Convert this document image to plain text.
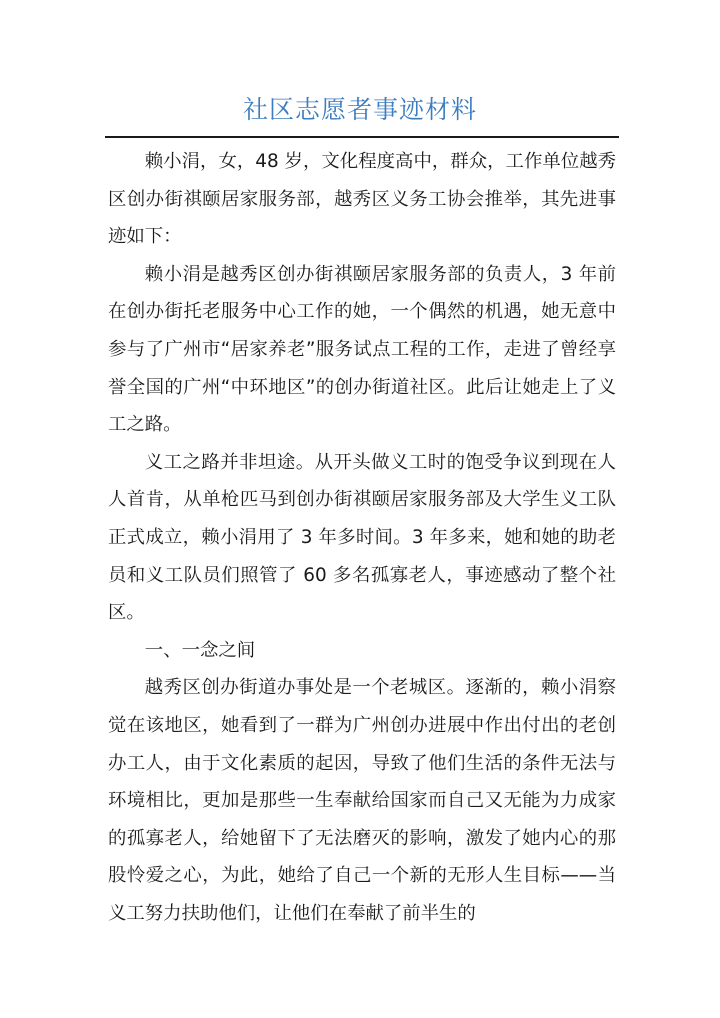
社区志愿者事迹材料

赖小涓，女，48 岁，文化程度高中，群众，工作单位越秀区创办街祺颐居家服务部，越秀区义务工协会推举，其先进事迹如下：

赖小涓是越秀区创办街祺颐居家服务部的负责人，3 年前在创办街托老服务中心工作的她，一个偶然的机遇，她无意中参与了广州市“居家养老”服务试点工程的工作，走进了曾经享誉全国的广州“中环地区”的创办街道社区。此后让她走上了义工之路。

义工之路并非坦途。从开头做义工时的饱受争议到现在人人首肯，从单枪匹马到创办街祺颐居家服务部及大学生义工队正式成立，赖小涓用了 3 年多时间。3 年多来，她和她的助老员和义工队员们照管了 60 多名孤寡老人，事迹感动了整个社区。

一、一念之间

越秀区创办街道办事处是一个老城区。逐渐的，赖小涓察觉在该地区，她看到了一群为广州创办进展中作出付出的老创办工人，由于文化素质的起因，导致了他们生活的条件无法与环境相比，更加是那些一生奉献给国家而自己又无能为力成家的孤寡老人，给她留下了无法磨灭的影响，激发了她内心的那股怜爱之心，为此，她给了自己一个新的无形人生目标——当义工努力扶助他们，让他们在奉献了前半生的
